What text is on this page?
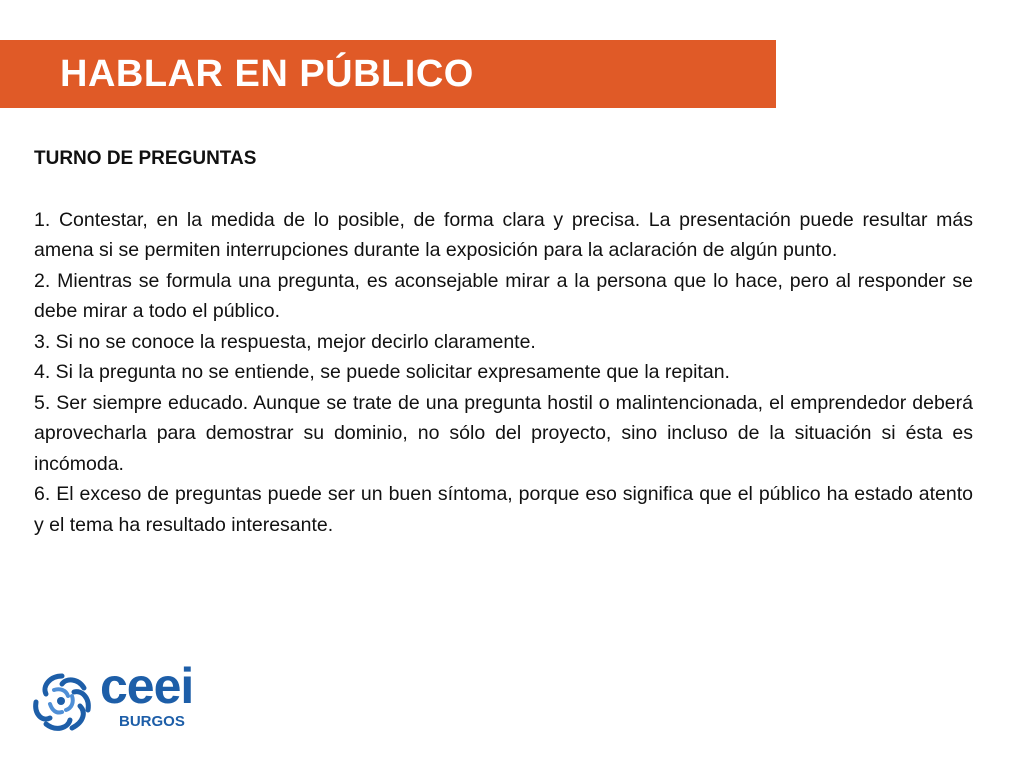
HABLAR EN PÚBLICO
TURNO DE PREGUNTAS

1. Contestar, en la medida de lo posible, de forma clara y precisa. La presentación puede resultar más amena si se permiten interrupciones durante la exposición para la aclaración de algún punto.

2. Mientras se formula una pregunta, es aconsejable mirar a la persona que lo hace, pero al responder se debe mirar a todo el público.

3. Si no se conoce la respuesta, mejor decirlo claramente.

4. Si la pregunta no se entiende, se puede solicitar expresamente que la repitan.

5. Ser siempre educado. Aunque se trate de una pregunta hostil o malintencionada, el emprendedor deberá aprovecharla para demostrar su dominio, no sólo del proyecto, sino incluso de la situación si ésta es incómoda.

6. El exceso de preguntas puede ser un buen síntoma, porque eso significa que el público ha estado atento y el tema ha resultado interesante.

ceei
BURGOS
